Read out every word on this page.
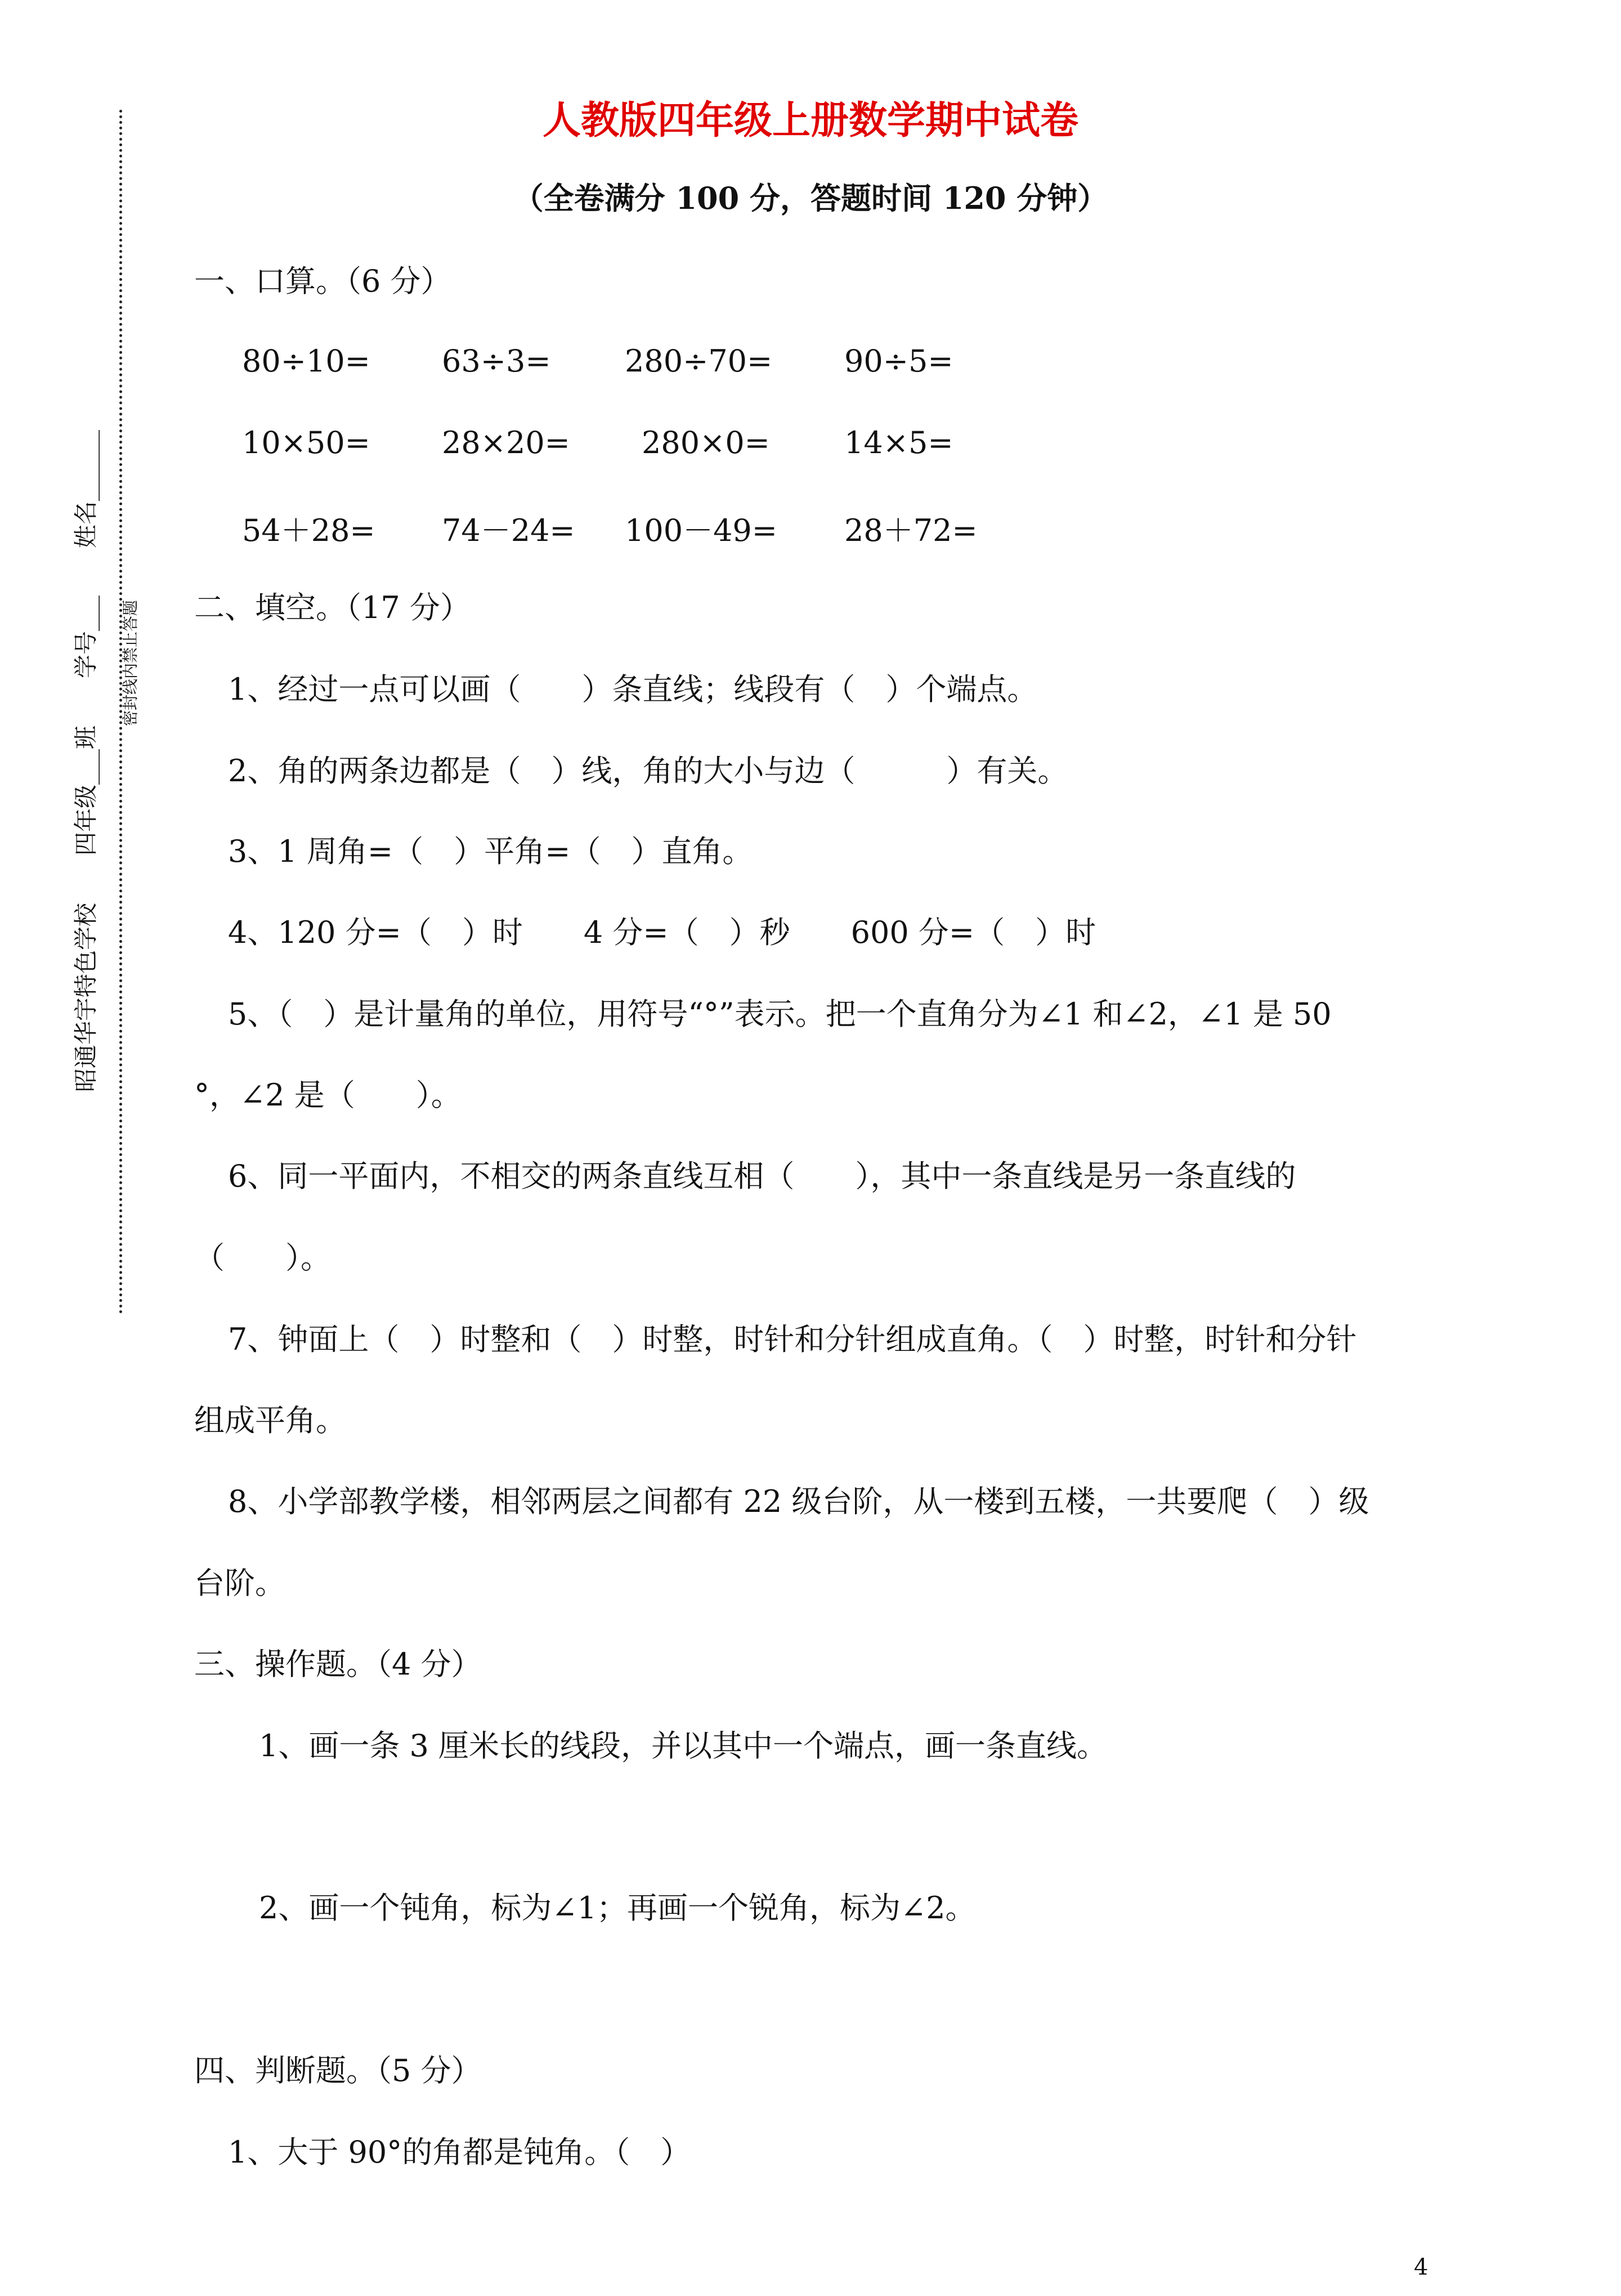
昭通华宇特色学校　　四年级___班　　学号___　　姓名______ 密封线内禁止答题
人教版四年级上册数学期中试卷
（全卷满分 100 分，答题时间 120 分钟）
一、口算。（6 分）
80÷10= 63÷3= 280÷70= 90÷5=
10×50= 28×20= 280×0= 14×5=
54＋28= 74－24= 100－49= 28＋72=
二、填空。（17 分）
1、经过一点可以画（　　）条直线；线段有（　）个端点。
2、角的两条边都是（　）线，角的大小与边（　　　）有关。
3、1 周角=（　）平角=（　）直角。
4、120 分=（　）时　　4 分=（　）秒　　600 分=（　）时
5、（　）是计量角的单位，用符号“°”表示。把一个直角分为∠1 和∠2，∠1 是 50
°，∠2 是（　　）。
6、同一平面内，不相交的两条直线互相（　　），其中一条直线是另一条直线的
（　　）。
7、钟面上（　）时整和（　）时整，时针和分针组成直角。（　）时整，时针和分针
组成平角。
8、小学部教学楼，相邻两层之间都有 22 级台阶，从一楼到五楼，一共要爬（　）级
台阶。
三、操作题。（4 分）
1、画一条 3 厘米长的线段，并以其中一个端点，画一条直线。
2、画一个钝角，标为∠1；再画一个锐角，标为∠2。
四、判断题。（5 分）
1、大于 90°的角都是钝角。（　）
4
